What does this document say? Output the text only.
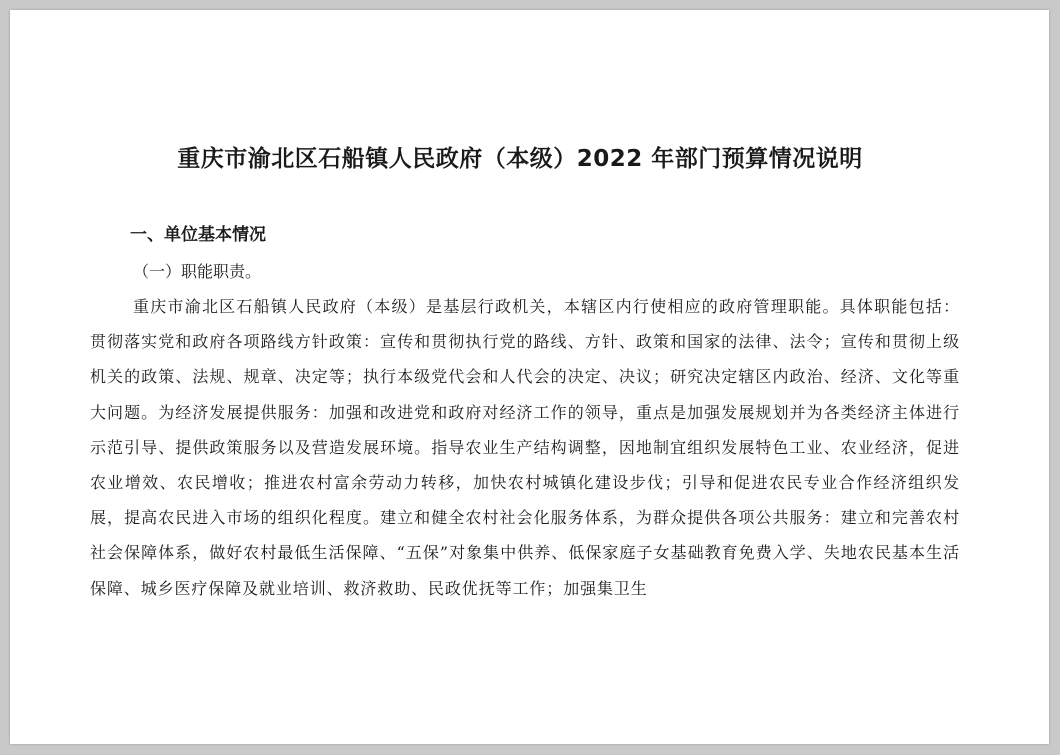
重庆市渝北区石船镇人民政府（本级）2022 年部门预算情况说明
一、单位基本情况
（一）职能职责。

重庆市渝北区石船镇人民政府（本级）是基层行政机关，本辖区内行使相应的政府管理职能。具体职能包括：贯彻落实党和政府各项路线方针政策：宣传和贯彻执行党的路线、方针、政策和国家的法律、法令；宣传和贯彻上级机关的政策、法规、规章、决定等；执行本级党代会和人代会的决定、决议；研究决定辖区内政治、经济、文化等重大问题。为经济发展提供服务：加强和改进党和政府对经济工作的领导，重点是加强发展规划并为各类经济主体进行示范引导、提供政策服务以及营造发展环境。指导农业生产结构调整，因地制宜组织发展特色工业、农业经济，促进农业增效、农民增收；推进农村富余劳动力转移，加快农村城镇化建设步伐；引导和促进农民专业合作经济组织发展，提高农民进入市场的组织化程度。建立和健全农村社会化服务体系，为群众提供各项公共服务：建立和完善农村社会保障体系，做好农村最低生活保障、“五保”对象集中供养、低保家庭子女基础教育免费入学、失地农民基本生活保障、城乡医疗保障及就业培训、救济救助、民政优抚等工作；加强集卫生
